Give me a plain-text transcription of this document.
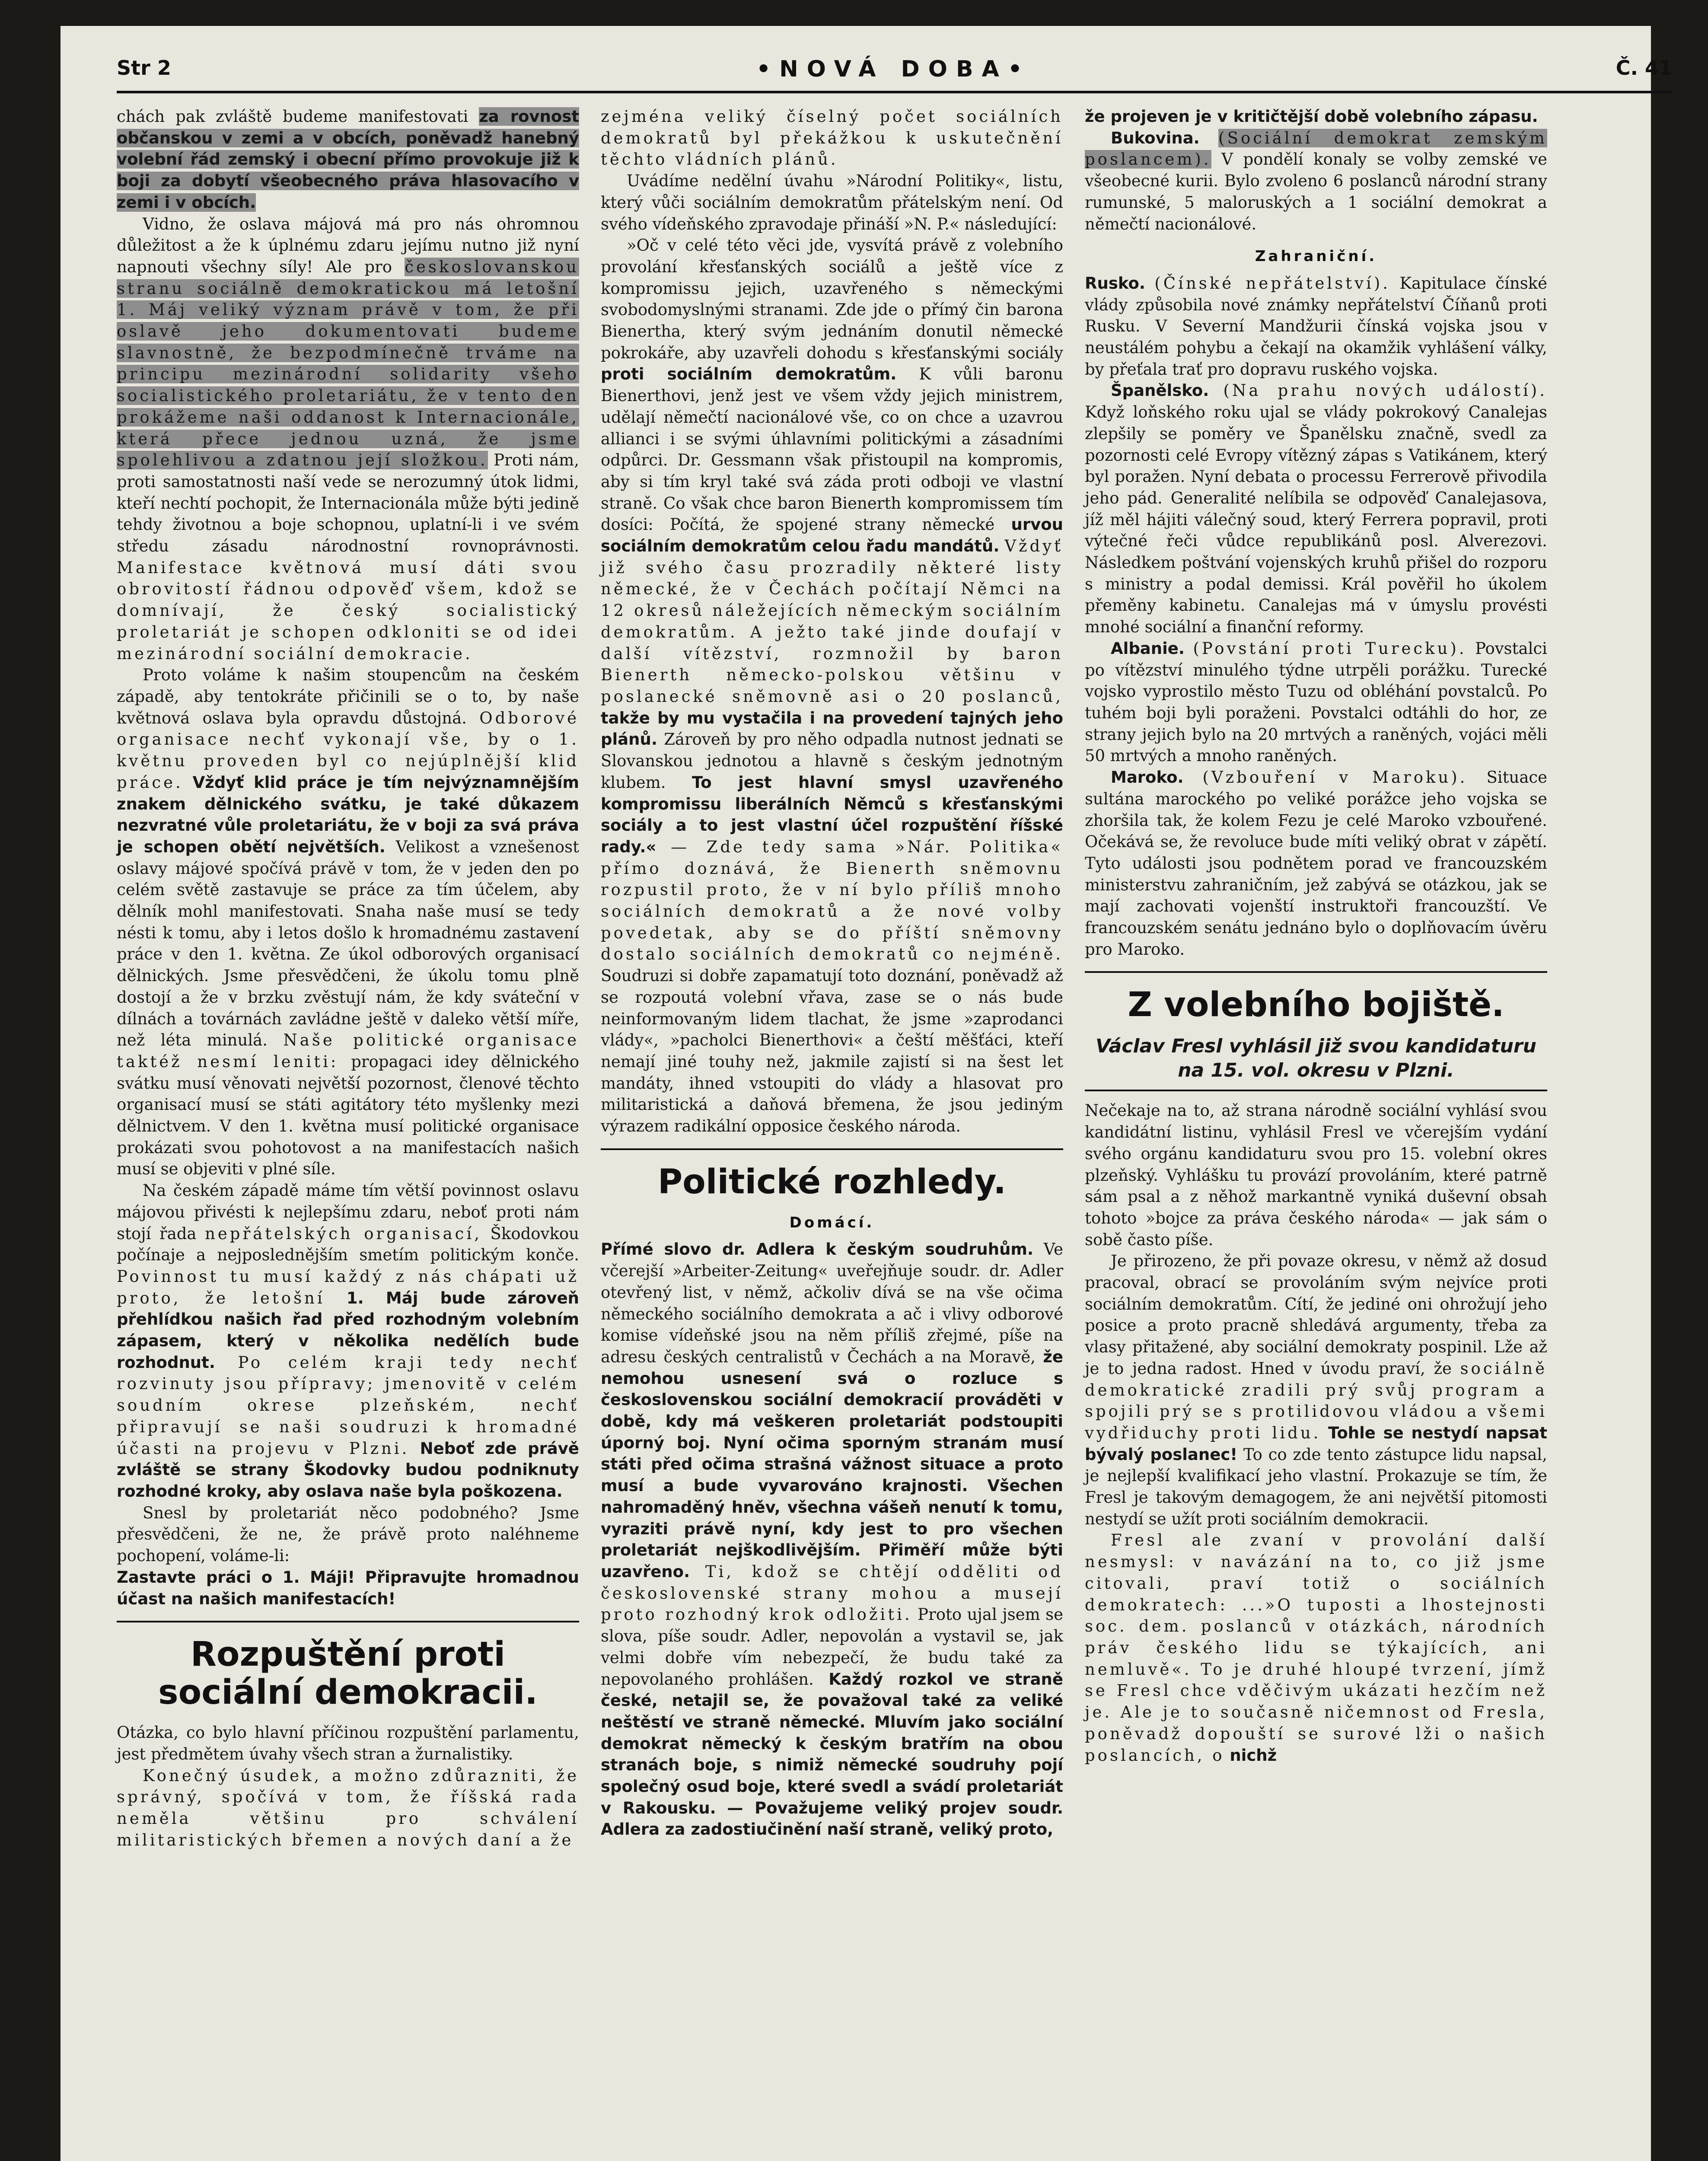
Str 2	•NOVÁ DOBA•	Č. 41

chách pak zvláště budeme manifestovati za rovnost občanskou v zemi a v obcích, poněvadž hanebný volební řád zemský i obecní přímo provokuje již k boji za dobytí všeobecného práva hlasovacího v zemi i v obcích.

Vidno, že oslava májová má pro nás ohromnou důležitost a že k úplnému zdaru jejímu nutno již nyní napnouti všechny síly! Ale pro českoslovanskou stranu sociálně demokratickou má letošní 1. Máj veliký význam právě v tom, že při oslavě jeho dokumentovati budeme slavnostně, že bezpodmínečně trváme na principu mezinárodní solidarity všeho socialistického proletariátu, že v tento den prokážeme naši oddanost k Internacionále, která přece jednou uzná, že jsme spolehlivou a zdatnou její složkou. Proti nám, proti samostatnosti naší vede se nerozumný útok lidmi, kteří nechtí pochopit, že Internacionála může býti jedině tehdy životnou a boje schopnou, uplatní-li i ve svém středu zásadu národnostní rovnoprávnosti. Manifestace květnová musí dáti svou obrovitostí řádnou odpověď všem, kdož se domnívají, že český socialistický proletariát je schopen odkloniti se od idei mezinárodní sociální demokracie.

Proto voláme k našim stoupencům na českém západě, aby tentokráte přičinili se o to, by naše květnová oslava byla opravdu důstojná. Odborové organisace nechť vykonají vše, by o 1. květnu proveden byl co nejúplnější klid práce. Vždyť klid práce je tím nejvýznamnějším znakem dělnického svátku, je také důkazem nezvratné vůle proletariátu, že v boji za svá práva je schopen obětí největších. Velikost a vznešenost oslavy májové spočívá právě v tom, že v jeden den po celém světě zastavuje se práce za tím účelem, aby dělník mohl manifestovati. Snaha naše musí se tedy nésti k tomu, aby i letos došlo k hromadnému zastavení práce v den 1. května. Ze úkol odborových organisací dělnických. Jsme přesvědčeni, že úkolu tomu plně dostojí a že v brzku zvěstují nám, že kdy sváteční v dílnách a továrnách zavládne ještě v daleko větší míře, než léta minulá. Naše politické organisace taktéž nesmí leniti: propagaci idey dělnického svátku musí věnovati největší pozornost, členové těchto organisací musí se státi agitátory této myšlenky mezi dělnictvem. V den 1. května musí politické organisace prokázati svou pohotovost a na manifestacích našich musí se objeviti v plné síle.

Na českém západě máme tím větší povinnost oslavu májovou přivésti k nejlepšímu zdaru, neboť proti nám stojí řada nepřátelských organisací, Škodovkou počínaje a nejposlednějším smetím politickým konče. Povinnost tu musí každý z nás chápati už proto, že letošní 1. Máj bude zároveň přehlídkou našich řad před rozhodným volebním zápasem, který v několika nedělích bude rozhodnut. Po celém kraji tedy nechť rozvinuty jsou přípravy; jmenovitě v celém soudním okrese plzeňském, nechť připravují se naši soudruzi k hromadné účasti na projevu v Plzni. Neboť zde právě zvláště se strany Škodovky budou podniknuty rozhodné kroky, aby oslava naše byla poškozena.

Snesl by proletariát něco podobného? Jsme přesvědčeni, že ne, že právě proto naléhneme pochopení, voláme-li:

Zastavte práci o 1. Máji! Připravujte hromadnou účast na našich manifestacích!

Rozpuštění proti sociální demokracii.

Otázka, co bylo hlavní příčinou rozpuštění parlamentu, jest předmětem úvahy všech stran a žurnalistiky.

Konečný úsudek, a možno zdůrazniti, že správný, spočívá v tom, že říšská rada neměla většinu pro schválení militaristických břemen a nových daní a že

zejména veliký číselný počet sociálních demokratů byl překážkou k uskutečnění těchto vládních plánů.

Uvádíme nedělní úvahu »Národní Politiky«, listu, který vůči sociálním demokratům přátelským není. Od svého vídeňského zpravodaje přináší »N. P.« následující:

»Oč v celé této věci jde, vysvítá právě z volebního provolání křesťanských sociálů a ještě více z kompromissu jejich, uzavřeného s německými svobodomyslnými stranami. Zde jde o přímý čin barona Bienertha, který svým jednáním donutil německé pokrokáře, aby uzavřeli dohodu s křesťanskými sociály proti sociálním demokratům. K vůli baronu Bienerthovi, jenž jest ve všem vždy jejich ministrem, udělají němečtí nacionálové vše, co on chce a uzavrou allianci i se svými úhlavními politickými a zásadními odpůrci. Dr. Gessmann však přistoupil na kompromis, aby si tím kryl také svá záda proti odboji ve vlastní straně. Co však chce baron Bienerth kompromissem tím dosíci: Počítá, že spojené strany německé urvou sociálním demokratům celou řadu mandátů. Vždyť již svého času prozradily některé listy německé, že v Čechách počítají Němci na 12 okresů náležejících německým sociálním demokratům. A ježto také jinde doufají v další vítězství, rozmnožil by baron Bienerth německo-polskou většinu v poslanecké sněmovně asi o 20 poslanců, takže by mu vystačila i na provedení tajných jeho plánů. Zároveň by pro něho odpadla nutnost jednati se Slovanskou jednotou a hlavně s českým jednotným klubem. To jest hlavní smysl uzavřeného kompromissu liberálních Němců s křesťanskými sociály a to jest vlastní účel rozpuštění říšské rady.« — Zde tedy sama »Nár. Politika« přímo doznává, že Bienerth sněmovnu rozpustil proto, že v ní bylo příliš mnoho sociálních demokratů a že nové volby povedetak, aby se do příští sněmovny dostalo sociálních demokratů co nejméně. Soudruzi si dobře zapamatují toto doznání, poněvadž až se rozpoutá volební vřava, zase se o nás bude neinformovaným lidem tlachat, že jsme »zaprodanci vlády«, »pacholci Bienerthovi« a čeští měšťáci, kteří nemají jiné touhy než, jakmile zajistí si na šest let mandáty, ihned vstoupiti do vlády a hlasovat pro militaristická a daňová břemena, že jsou jediným výrazem radikální opposice českého národa.

Politické rozhledy.
Domácí.

Přímé slovo dr. Adlera k českým soudruhům. Ve včerejší »Arbeiter-Zeitung« uveřejňuje soudr. dr. Adler otevřený list, v němž, ačkoliv dívá se na vše očima německého sociálního demokrata a ač i vlivy odborové komise vídeňské jsou na něm příliš zřejmé, píše na adresu českých centralistů v Čechách a na Moravě, že nemohou usnesení svá o rozluce s československou sociální demokracií prováděti v době, kdy má veškeren proletariát podstoupiti úporný boj. Nyní očima sporným stranám musí státi před očima strašná vážnost situace a proto musí a bude vyvarováno krajnosti. Všechen nahromaděný hněv, všechna vášeň nenutí k tomu, vyraziti právě nyní, kdy jest to pro všechen proletariát nejškodlivějším. Přiměří může býti uzavřeno. Ti, kdož se chtějí odděliti od československé strany mohou a musejí proto rozhodný krok odložiti. Proto ujal jsem se slova, píše soudr. Adler, nepovolán a vystavil se, jak velmi dobře vím nebezpečí, že budu také za nepovolaného prohlášen. Každý rozkol ve straně české, netajil se, že považoval také za veliké neštěstí ve straně německé. Mluvím jako sociální demokrat německý k českým bratřím na obou stranách boje, s nimiž německé soudruhy pojí společný osud boje, které svedl a svádí proletariát v Rakousku. — Považujeme veliký projev soudr. Adlera za zadostiučinění naší straně, veliký proto,

že projeven je v kritičtější době volebního zápasu.

Bukovina. (Sociální demokrat zemským poslancem). V pondělí konaly se volby zemské ve všeobecné kurii. Bylo zvoleno 6 poslanců národní strany rumunské, 5 maloruských a 1 sociální demokrat a němečtí nacionálové.

Zahraniční.

Rusko. (Čínské nepřátelství). Kapitulace čínské vlády způsobila nové známky nepřátelství Číňanů proti Rusku. V Severní Mandžurii čínská vojska jsou v neustálém pohybu a čekají na okamžik vyhlášení války, by přeťala trať pro dopravu ruského vojska.

Španělsko. (Na prahu nových událostí). Když loňského roku ujal se vlády pokrokový Canalejas zlepšily se poměry ve Španělsku značně, svedl za pozornosti celé Evropy vítězný zápas s Vatikánem, který byl poražen. Nyní debata o processu Ferrerově přivodila jeho pád. Generalité nelíbila se odpověď Canalejasova, jíž měl hájiti válečný soud, který Ferrera popravil, proti výtečné řeči vůdce republikánů posl. Alverezovi. Následkem poštvání vojenských kruhů přišel do rozporu s ministry a podal demissi. Král pověřil ho úkolem přeměny kabinetu. Canalejas má v úmyslu provésti mnohé sociální a finanční reformy.

Albanie. (Povstání proti Turecku). Povstalci po vítězství minulého týdne utrpěli porážku. Turecké vojsko vyprostilo město Tuzu od obléhání povstalců. Po tuhém boji byli poraženi. Povstalci odtáhli do hor, ze strany jejich bylo na 20 mrtvých a raněných, vojáci měli 50 mrtvých a mnoho raněných.

Maroko. (Vzbouření v Maroku). Situace sultána marockého po veliké porážce jeho vojska se zhoršila tak, že kolem Fezu je celé Maroko vzbouřené. Očekává se, že revoluce bude míti veliký obrat v zápětí. Tyto události jsou podnětem porad ve francouzském ministerstvu zahraničním, jež zabývá se otázkou, jak se mají zachovati vojenští instruktoři francouzští. Ve francouzském senátu jednáno bylo o doplňovacím úvěru pro Maroko.

Z volebního bojiště.
Václav Fresl vyhlásil již svou kandidaturu na 15. vol. okresu v Plzni.

Nečekaje na to, až strana národně sociální vyhlásí svou kandidátní listinu, vyhlásil Fresl ve včerejším vydání svého orgánu kandidaturu svou pro 15. volební okres plzeňský. Vyhlášku tu provází provoláním, které patrně sám psal a z něhož markantně vyniká duševní obsah tohoto »bojce za práva českého národa« — jak sám o sobě často píše.

Je přirozeno, že při povaze okresu, v němž až dosud pracoval, obrací se provoláním svým nejvíce proti sociálním demokratům. Cítí, že jediné oni ohrožují jeho posice a proto pracně shledává argumenty, třeba za vlasy přitažené, aby sociální demokraty pospinil. Lže až je to jedna radost. Hned v úvodu praví, že sociálně demokratické zradili prý svůj program a spojili prý se s protilidovou vládou a všemi vydřiduchy proti lidu. Tohle se nestydí napsat bývalý poslanec! To co zde tento zástupce lidu napsal, je nejlepší kvalifikací jeho vlastní. Prokazuje se tím, že Fresl je takovým demagogem, že ani největší pitomosti nestydí se užít proti sociálním demokracii.

Fresl ale zvaní v provolání další nesmysl: v navázání na to, co již jsme citovali, praví totiž o sociálních demokratech: ...»O tuposti a lhostejnosti soc. dem. poslanců v otázkách, národních práv českého lidu se týkajících, ani nemluvě«. To je druhé hloupé tvrzení, jímž se Fresl chce vděčivým ukázati hezčím než je. Ale je to současně ničemnost od Fresla, poněvadž dopouští se surové lži o našich poslancích, o nichž
